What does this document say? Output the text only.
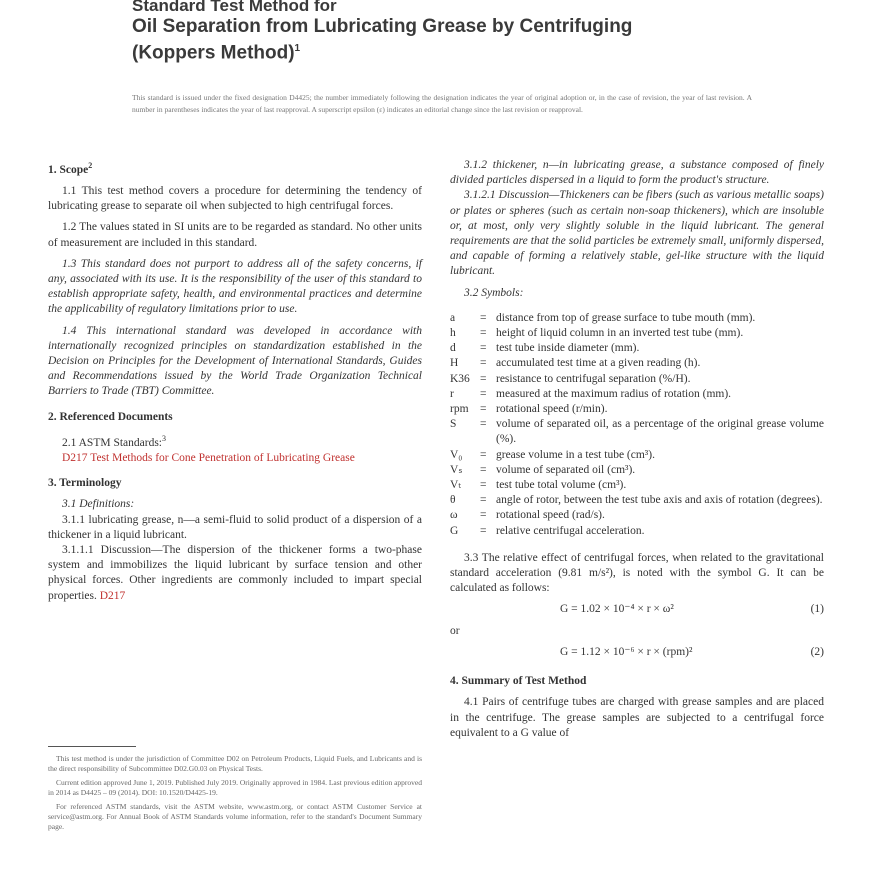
Standard Test Method for
Oil Separation from Lubricating Grease by Centrifuging
(Koppers Method)$^1$
This standard is issued under the fixed designation D4425; the number immediately following the designation indicates the year of original adoption or, in the case of revision, the year of last revision. A number in parentheses indicates the year of last reapproval. A superscript epsilon (ε) indicates an editorial change since the last revision or reapproval.
1. Scope$^2$
1.1 This test method covers a procedure for determining the tendency of lubricating grease to separate oil when subjected to high centrifugal forces.
1.2 The values stated in SI units are to be regarded as standard. No other units of measurement are included in this standard.
1.3 This standard does not purport to address all of the safety concerns, if any, associated with its use. It is the responsibility of the user of this standard to establish appropriate safety, health, and environmental practices and determine the applicability of regulatory limitations prior to use.
1.4 This international standard was developed in accordance with internationally recognized principles on standardization established in the Decision on Principles for the Development of International Standards, Guides and Recommendations issued by the World Trade Organization Technical Barriers to Trade (TBT) Committee.
2. Referenced Documents
2.1 ASTM Standards:$^3$
D217 Test Methods for Cone Penetration of Lubricating Grease
3. Terminology
3.1 Definitions:
3.1.1 lubricating grease, n—a semi-fluid to solid product of a dispersion of a thickener in a liquid lubricant.
3.1.1.1 Discussion—The dispersion of the thickener forms a two-phase system and immobilizes the liquid lubricant by surface tension and other physical forces. Other ingredients are commonly included to impart special properties. D217

This test method is under the jurisdiction of Committee D02 on Petroleum Products, Liquid Fuels, and Lubricants and is the direct responsibility of Subcommittee D02.G0.03 on Physical Tests.

Current edition approved June 1, 2019. Published July 2019. Originally approved in 1984. Last previous edition approved in 2014 as D4425 – 09 (2014). DOI: 10.1520/D4425-19.

For referenced ASTM standards, visit the ASTM website, www.astm.org, or contact ASTM Customer Service at service@astm.org. For Annual Book of ASTM Standards volume information, refer to the standard's Document Summary page.

3.1.2 thickener, n—in lubricating grease, a substance composed of finely divided particles dispersed in a liquid to form the product's structure.
3.1.2.1 Discussion—Thickeners can be fibers (such as various metallic soaps) or plates or spheres (such as certain non-soap thickeners), which are insoluble or, at most, only very slightly soluble in the liquid lubricant. The general requirements are that the solid particles be extremely small, uniformly dispersed, and capable of forming a relatively stable, gel-like structure with the liquid lubricant.
3.2 Symbols:
a	= distance from top of grease surface to tube mouth (mm).
h	= height of liquid column in an inverted test tube (mm).
d	= test tube inside diameter (mm).
H	= accumulated test time at a given reading (h).
K36 = resistance to centrifugal separation (%/H).
r	= measured at the maximum radius of rotation (mm).
rpm = rotational speed (r/min).
S	= volume of separated oil, as a percentage of the original grease volume (%).
V₀	= grease volume in a test tube (cm³).
Vₛ	= volume of separated oil (cm³).
Vₜ	= test tube total volume (cm³).
θ	= angle of rotor, between the test tube axis and axis of rotation (degrees).
ω	= rotational speed (rad/s).
G	= relative centrifugal acceleration.
3.3 The relative effect of centrifugal forces, when related to the gravitational standard acceleration (9.81 m/s²), is noted with the symbol G. It can be calculated as follows:
G = 1.02 × 10⁻⁴ × r × ω²	(1)
or
G = 1.12 × 10⁻⁶ × r × (rpm)²	(2)
4. Summary of Test Method
4.1 Pairs of centrifuge tubes are charged with grease samples and are placed in the centrifuge. The grease samples are subjected to a centrifugal force equivalent to a G value of
